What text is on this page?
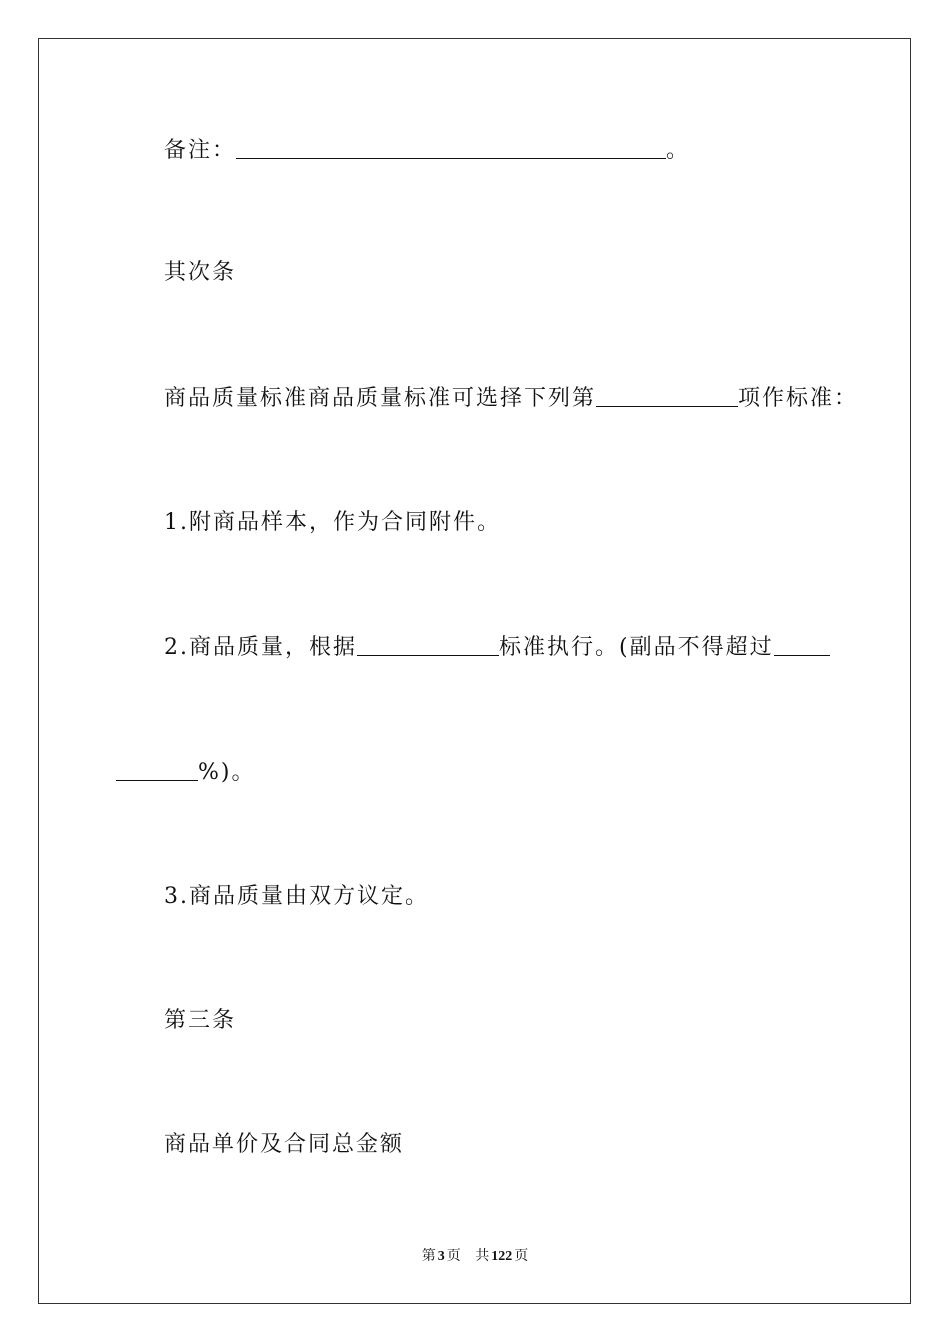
备注：	。
其次条
商品质量标准商品质量标准可选择下列第	项作标准：
1.附商品样本，作为合同附件。
2.商品质量，根据	标准执行。(副品不得超过
%)。
3.商品质量由双方议定。
第三条
商品单价及合同总金额
第 3 页 共 122 页
